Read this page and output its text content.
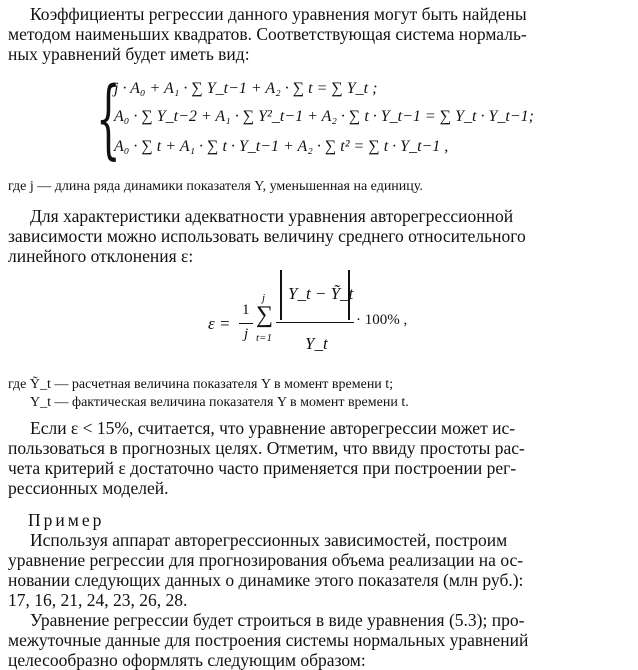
Коэффициенты регрессии данного уравнения могут быть найдены
методом наименьших квадратов. Соответствующая система нормаль-
ных уравнений будет иметь вид:
{
j · A₀ + A₁ · ∑ Y_t−1 + A₂ · ∑ t = ∑ Y_t ;
A₀ · ∑ Y_t−2 + A₁ · ∑ Y²_t−1 + A₂ · ∑ t · Y_t−1 = ∑ Y_t · Y_t−1;
A₀ · ∑ t + A₁ · ∑ t · Y_t−1 + A₂ · ∑ t² = ∑ t · Y_t−1 ,
где j — длина ряда динамики показателя Y, уменьшенная на единицу.
Для характеристики адекватности уравнения авторегрессионной
зависимости можно использовать величину среднего относительного
линейного отклонения ε:
ε =
1
j
j
∑
t=1
Y_t − Ỹ_t
Y_t
· 100% ,
где Ỹ_t — расчетная величина показателя Y в момент времени t;
Y_t — фактическая величина показателя Y в момент времени t.
Если ε < 15%, считается, что уравнение авторегрессии может ис-
пользоваться в прогнозных целях. Отметим, что ввиду простоты рас-
чета критерий ε достаточно часто применяется при построении рег-
рессионных моделей.
Пример
Используя аппарат авторегрессионных зависимостей, построим
уравнение регрессии для прогнозирования объема реализации на ос-
новании следующих данных о динамике этого показателя (млн руб.):
17, 16, 21, 24, 23, 26, 28.
Уравнение регрессии будет строиться в виде уравнения (5.3); про-
межуточные данные для построения системы нормальных уравнений
целесообразно оформлять следующим образом:
